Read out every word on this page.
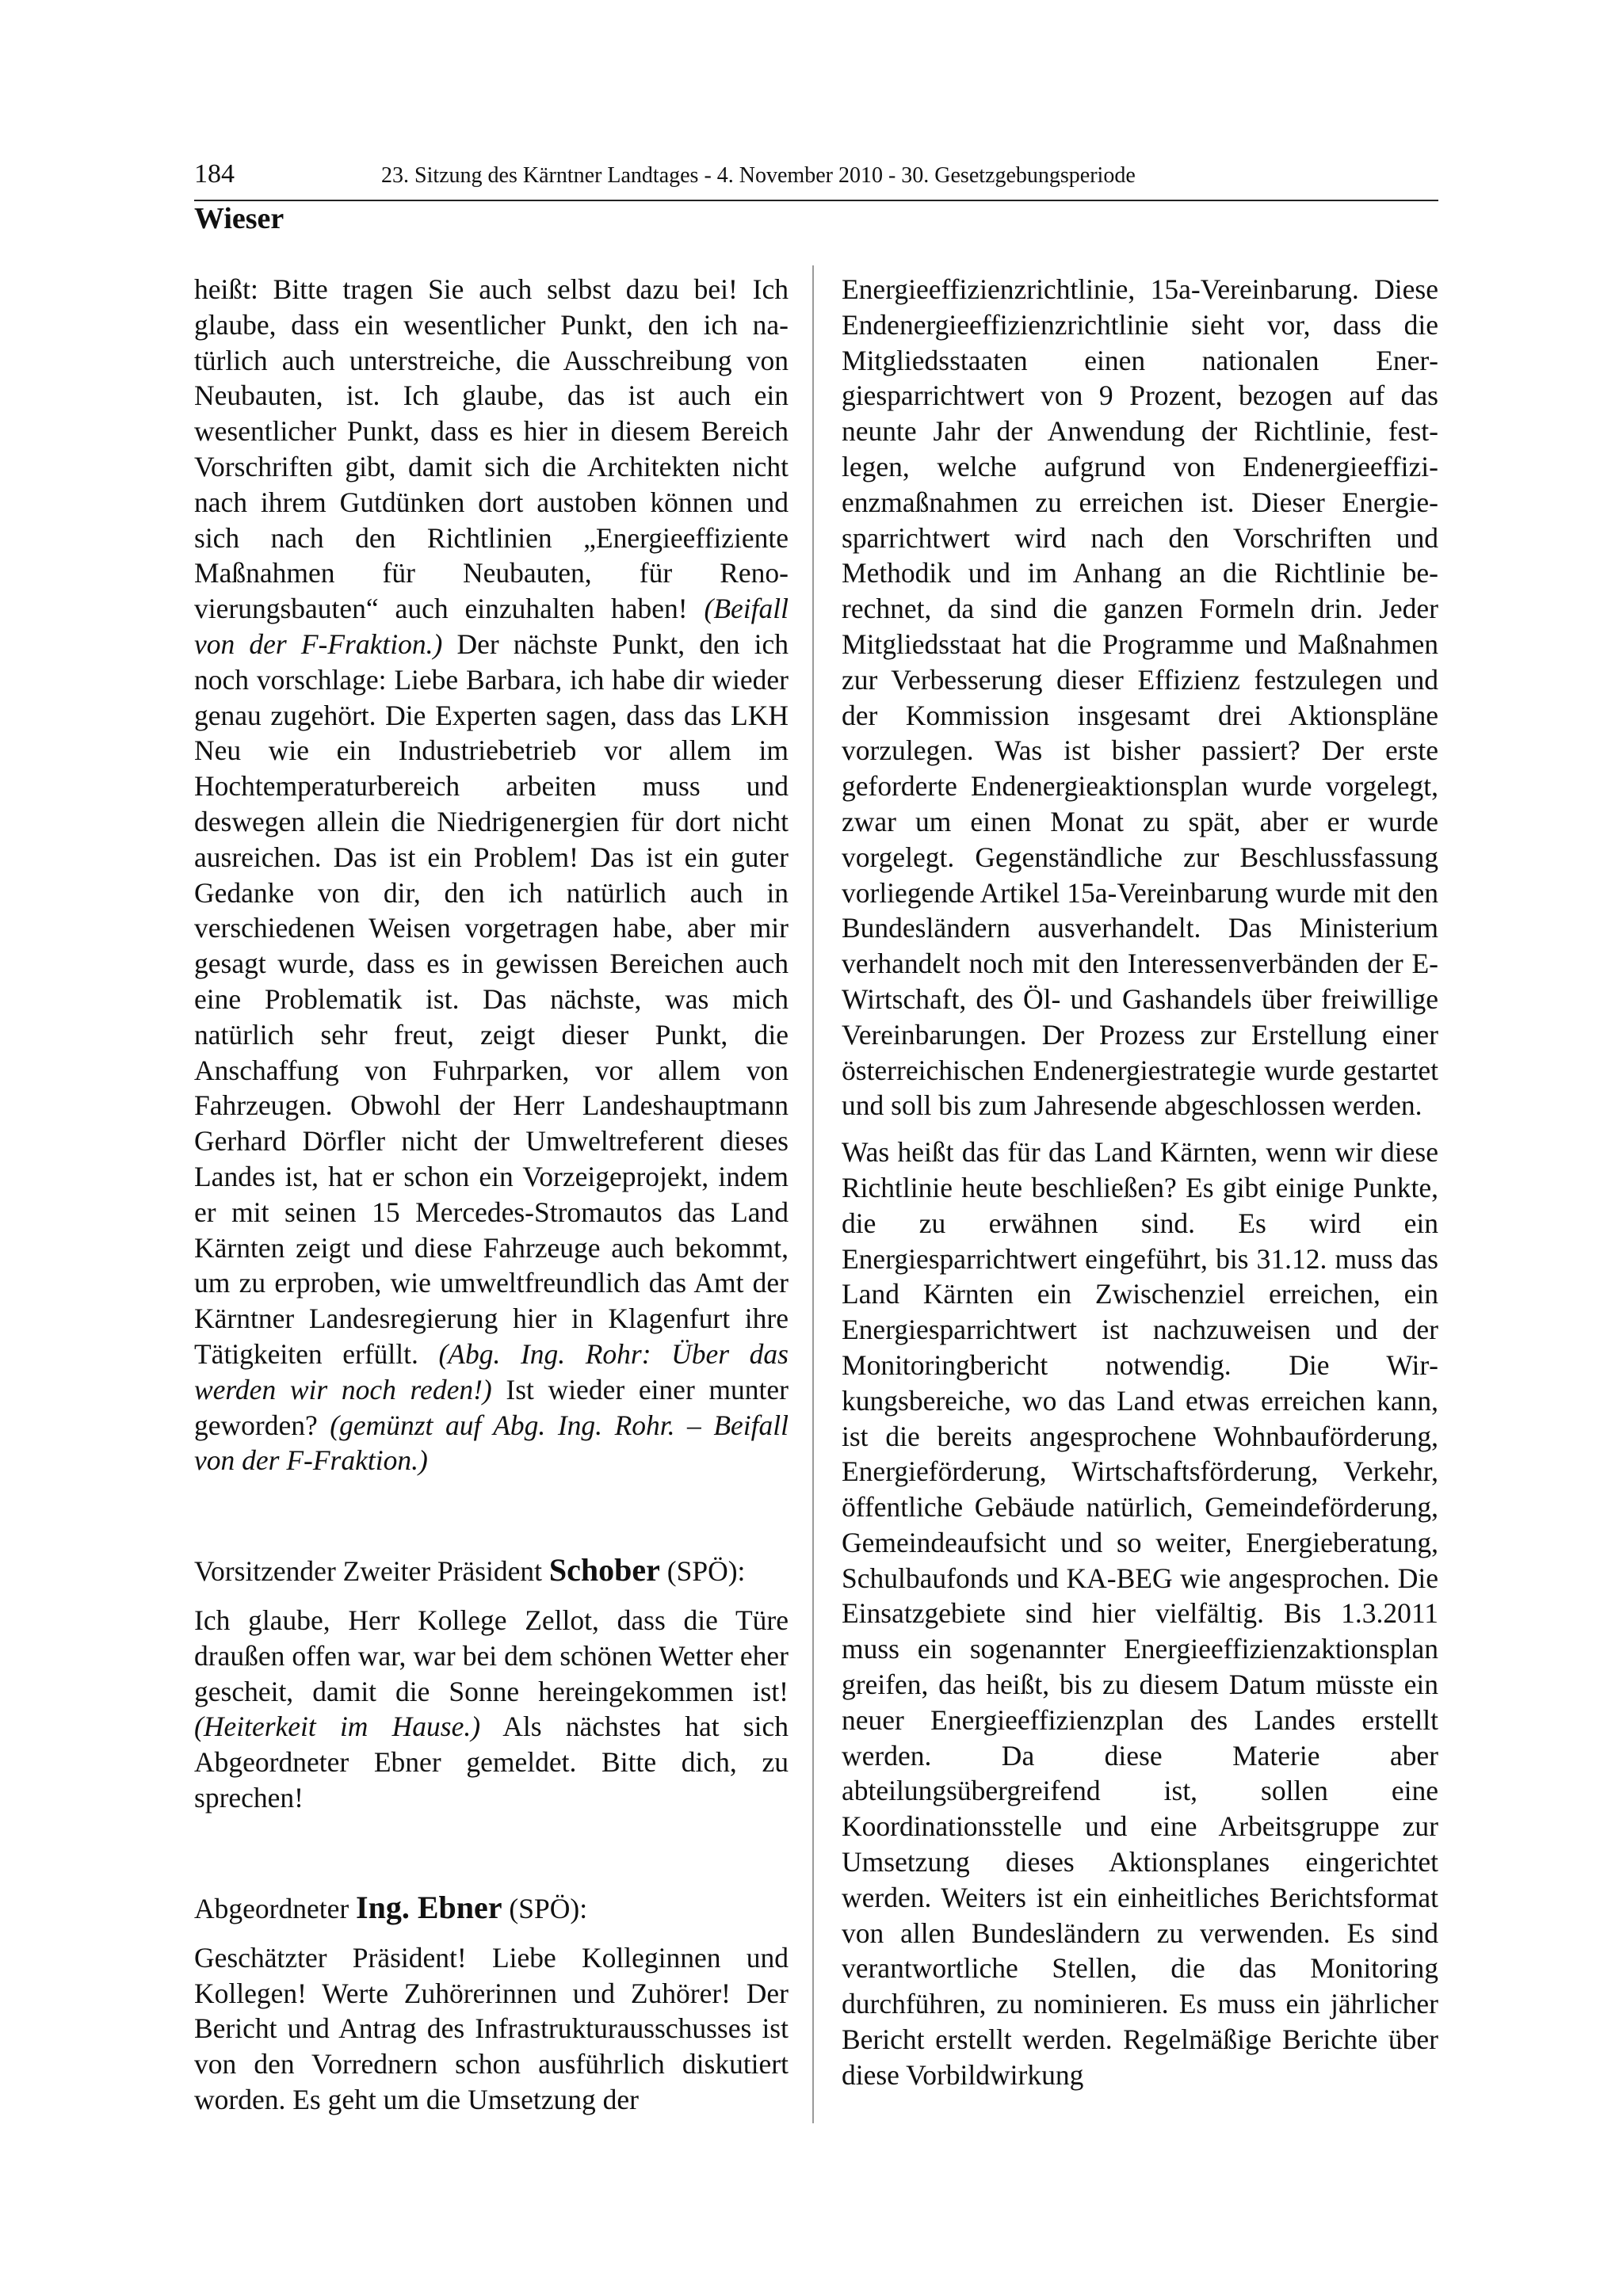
184	23. Sitzung des Kärntner Landtages - 4. November 2010 - 30. Gesetzgebungsperiode
Wieser

heißt: Bitte tragen Sie auch selbst dazu bei! Ich glaube, dass ein wesentlicher Punkt, den ich natürlich auch unterstreiche, die Ausschreibung von Neubauten, ist. Ich glaube, das ist auch ein wesentlicher Punkt, dass es hier in diesem Bereich Vorschriften gibt, damit sich die Architekten nicht nach ihrem Gutdünken dort austoben können und sich nach den Richtlinien „Energieeffiziente Maßnahmen für Neubauten, für Renovierungsbauten“ auch einzuhalten haben! (Beifall von der F-Fraktion.) Der nächste Punkt, den ich noch vorschlage: Liebe Barbara, ich habe dir wieder genau zugehört. Die Experten sagen, dass das LKH Neu wie ein Industriebetrieb vor allem im Hochtemperaturbereich arbeiten muss und deswegen allein die Niedrigenergien für dort nicht ausreichen. Das ist ein Problem! Das ist ein guter Gedanke von dir, den ich natürlich auch in verschiedenen Weisen vorgetragen habe, aber mir gesagt wurde, dass es in gewissen Bereichen auch eine Problematik ist. Das nächste, was mich natürlich sehr freut, zeigt dieser Punkt, die Anschaffung von Fuhrparken, vor allem von Fahrzeugen. Obwohl der Herr Landeshauptmann Gerhard Dörfler nicht der Umweltreferent dieses Landes ist, hat er schon ein Vorzeigeprojekt, indem er mit seinen 15 Mercedes-Stromautos das Land Kärnten zeigt und diese Fahrzeuge auch bekommt, um zu erproben, wie umweltfreundlich das Amt der Kärntner Landesregierung hier in Klagenfurt ihre Tätigkeiten erfüllt. (Abg. Ing. Rohr: Über das werden wir noch reden!) Ist wieder einer munter geworden? (gemünzt auf Abg. Ing. Rohr. – Beifall von der F-Fraktion.)

Vorsitzender Zweiter Präsident Schober (SPÖ):

Ich glaube, Herr Kollege Zellot, dass die Türe draußen offen war, war bei dem schönen Wetter eher gescheit, damit die Sonne hereingekommen ist! (Heiterkeit im Hause.) Als nächstes hat sich Abgeordneter Ebner gemeldet. Bitte dich, zu sprechen!

Abgeordneter Ing. Ebner (SPÖ):

Geschätzter Präsident! Liebe Kolleginnen und Kollegen! Werte Zuhörerinnen und Zuhörer! Der Bericht und Antrag des Infrastrukturausschusses ist von den Vorrednern schon ausführlich diskutiert worden. Es geht um die Umsetzung der

Energieeffizienzrichtlinie, 15a-Vereinbarung. Diese Endenergieeffizienzrichtlinie sieht vor, dass die Mitgliedsstaaten einen nationalen Energiesparrichtwert von 9 Prozent, bezogen auf das neunte Jahr der Anwendung der Richtlinie, festlegen, welche aufgrund von Endenergieeffizienzmaßnahmen zu erreichen ist. Dieser Energiesparrichtwert wird nach den Vorschriften und Methodik und im Anhang an die Richtlinie berechnet, da sind die ganzen Formeln drin. Jeder Mitgliedsstaat hat die Programme und Maßnahmen zur Verbesserung dieser Effizienz festzulegen und der Kommission insgesamt drei Aktionspläne vorzulegen. Was ist bisher passiert? Der erste geforderte Endenergieaktionsplan wurde vorgelegt, zwar um einen Monat zu spät, aber er wurde vorgelegt. Gegenständliche zur Beschlussfassung vorliegende Artikel 15a-Vereinbarung wurde mit den Bundesländern ausverhandelt. Das Ministerium verhandelt noch mit den Interessenverbänden der E-Wirtschaft, des Öl- und Gashandels über freiwillige Vereinbarungen. Der Prozess zur Erstellung einer österreichischen Endenergiestrategie wurde gestartet und soll bis zum Jahresende abgeschlossen werden.

Was heißt das für das Land Kärnten, wenn wir diese Richtlinie heute beschließen? Es gibt einige Punkte, die zu erwähnen sind. Es wird ein Energiesparrichtwert eingeführt, bis 31.12. muss das Land Kärnten ein Zwischenziel erreichen, ein Energiesparrichtwert ist nachzuweisen und der Monitoringbericht notwendig. Die Wirkungsbereiche, wo das Land etwas erreichen kann, ist die bereits angesprochene Wohnbauförderung, Energieförderung, Wirtschaftsförderung, Verkehr, öffentliche Gebäude natürlich, Gemeindeförderung, Gemeindeaufsicht und so weiter, Energieberatung, Schulbaufonds und KA-BEG wie angesprochen. Die Einsatzgebiete sind hier vielfältig. Bis 1.3.2011 muss ein sogenannter Energieeffizienzaktionsplan greifen, das heißt, bis zu diesem Datum müsste ein neuer Energieeffizienzplan des Landes erstellt werden. Da diese Materie aber abteilungsübergreifend ist, sollen eine Koordinationsstelle und eine Arbeitsgruppe zur Umsetzung dieses Aktionsplanes eingerichtet werden. Weiters ist ein einheitliches Berichtsformat von allen Bundesländern zu verwenden. Es sind verantwortliche Stellen, die das Monitoring durchführen, zu nominieren. Es muss ein jährlicher Bericht erstellt werden. Regelmäßige Berichte über diese Vorbildwirkung
